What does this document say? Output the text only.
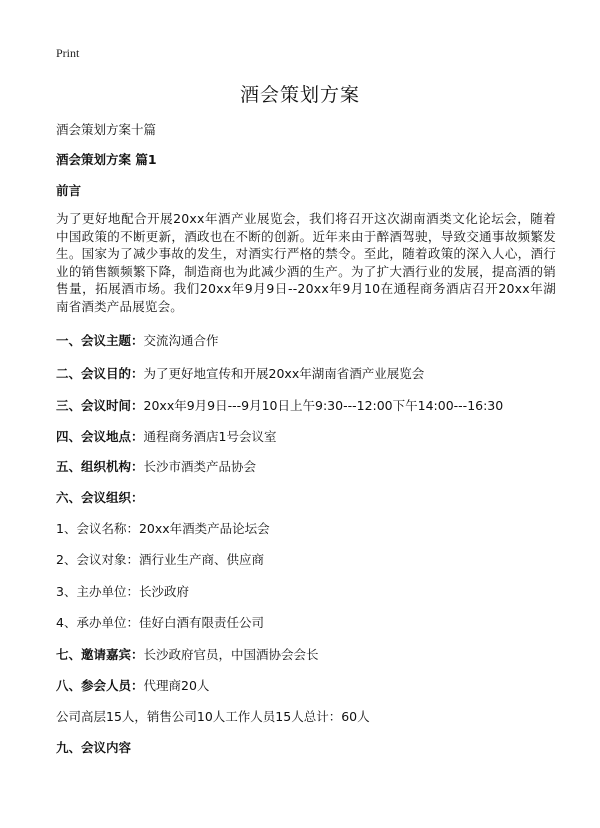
Print
酒会策划方案
酒会策划方案十篇
酒会策划方案 篇1
前言
为了更好地配合开展20xx年酒产业展览会，我们将召开这次湖南酒类文化论坛会，随着中国政策的不断更新，酒政也在不断的创新。近年来由于醉酒驾驶，导致交通事故频繁发生。国家为了减少事故的发生，对酒实行严格的禁令。至此，随着政策的深入人心，酒行业的销售额频繁下降，制造商也为此减少酒的生产。为了扩大酒行业的发展，提高酒的销售量，拓展酒市场。我们20xx年9月9日--20xx年9月10在通程商务酒店召开20xx年湖南省酒类产品展览会。
一、会议主题：交流沟通合作
二、会议目的：为了更好地宣传和开展20xx年湖南省酒产业展览会
三、会议时间：20xx年9月9日---9月10日上午9:30---12:00下午14:00---16:30
四、会议地点：通程商务酒店1号会议室
五、组织机构：长沙市酒类产品协会
六、会议组织：
1、会议名称：20xx年酒类产品论坛会
2、会议对象：酒行业生产商、供应商
3、主办单位：长沙政府
4、承办单位：佳好白酒有限责任公司
七、邀请嘉宾：长沙政府官员，中国酒协会会长
八、参会人员：代理商20人
公司高层15人，销售公司10人工作人员15人总计：60人
九、会议内容
